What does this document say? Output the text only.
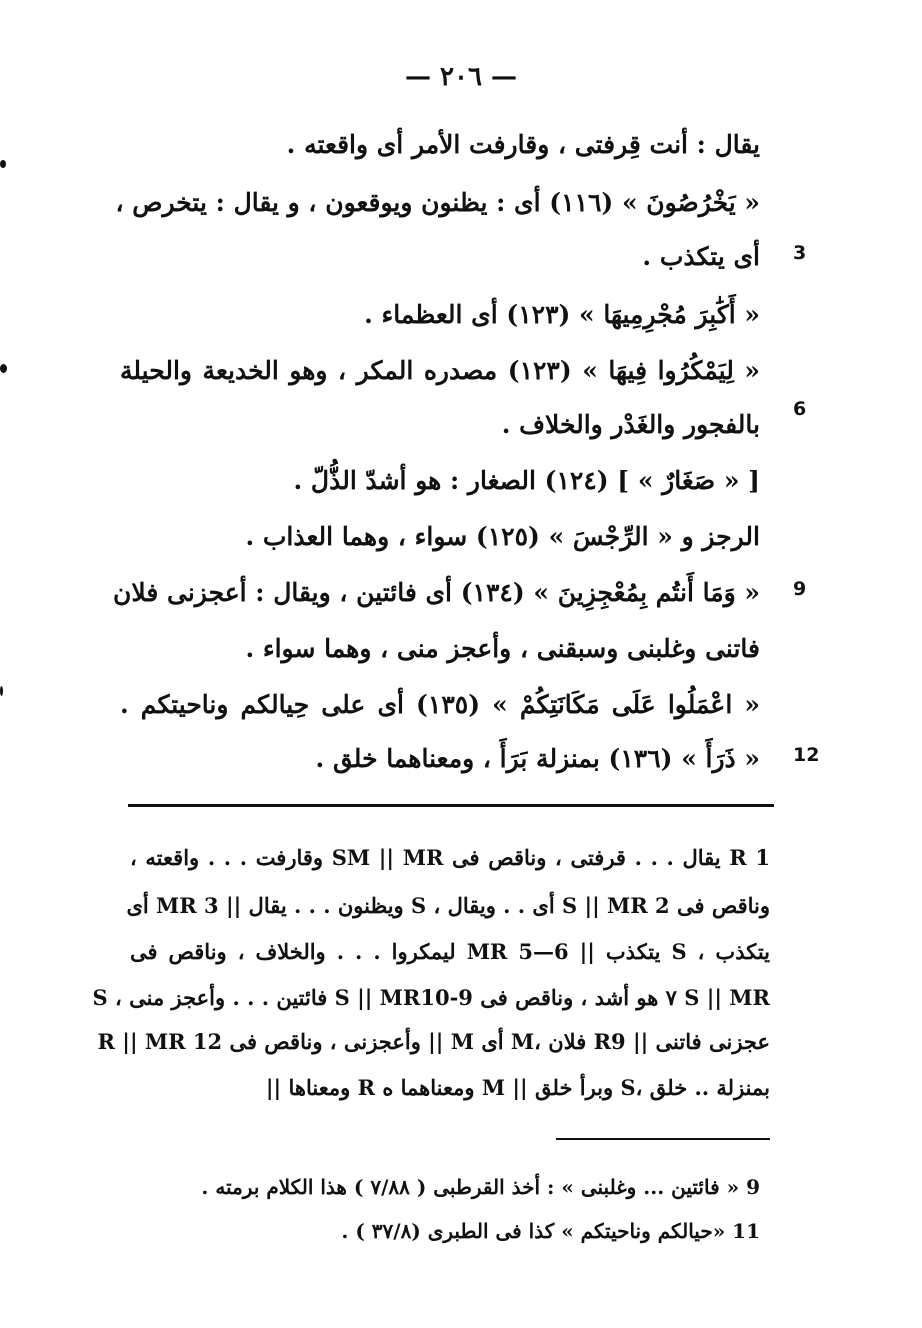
— ٢٠٦ —
يقال : أنت قِرفتى ، وقارفت الأمر أى واقعته .
« يَخْرُصُونَ » (١١٦) أى : يظنون ويوقعون ، و يقال : يتخرص ،
أى يتكذب .
« أَكَٰبِرَ مُجْرِمِيهَا » (١٢٣) أى العظماء .
« لِيَمْكُرُوا فِيهَا » (١٢٣) مصدره المكر ، وهو الخديعة والحيلة
بالفجور والغَدْر والخلاف .
[ « صَغَارٌ » ] (١٢٤) الصغار : هو أشدّ الذُّلّ .
الرجز و « الرِّجْسَ » (١٢٥) سواء ، وهما العذاب .
« وَمَا أَنتُم بِمُعْجِزِينَ » (١٣٤) أى فائتين ، ويقال : أعجزنى فلان
فاتنى وغلبنى وسبقنى ، وأعجز منى ، وهما سواء .
« اعْمَلُوا عَلَى مَكَانَتِكُمْ » (١٣٥) أى على حِيالكم وناحيتكم .
« ذَرَأَ » (١٣٦) بمنزلة بَرَأَ ، ومعناهما خلق .
3
6
9
12
R 1 يقال . . . قرفتى ، وناقص فى SM || MR وقارفت . . . واقعته ،
وناقص فى S || MR 2 أى . . ويقال ، S ويظنون . . . يقال || MR 3 أى
يتكذب ، S يتكذب || MR 5—6 ليمكروا . . . والخلاف ، وناقص فى
S || MR ٧ هو أشد ، وناقص فى S || MR10-9 فائتين . . . وأعجز منى ، S
عجزنى فاتنى || R9 فلان ،M أى M || وأعجزنى ، وناقص فى R || MR 12
بمنزلة .. خلق ،S وبرأ خلق || M ومعناهما ه R ومعناها ||
9 « فائتين ... وغلبنى » : أخذ القرطبى ( ٧/٨٨ ) هذا الكلام برمته .
11 «حيالكم وناحيتكم » كذا فى الطبرى (٣٧/٨ ) .
